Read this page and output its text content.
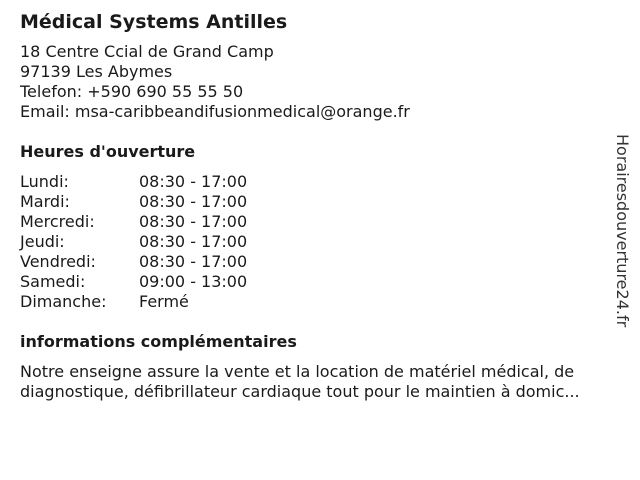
Médical Systems Antilles
18 Centre Ccial de Grand Camp
97139 Les Abymes
Telefon: +590 690 55 55 50
Email: msa-caribbeandifusionmedical@orange.fr
Heures d'ouverture
Lundi:	08:30 - 17:00
Mardi:	08:30 - 17:00
Mercredi:	08:30 - 17:00
Jeudi:	08:30 - 17:00
Vendredi:	08:30 - 17:00
Samedi:	09:00 - 13:00
Dimanche:	Fermé
informations complémentaires
Notre enseigne assure la vente et la location de matériel médical, de
diagnostique, défibrillateur cardiaque tout pour le maintien à domic...
Horairesdouverture24.fr
